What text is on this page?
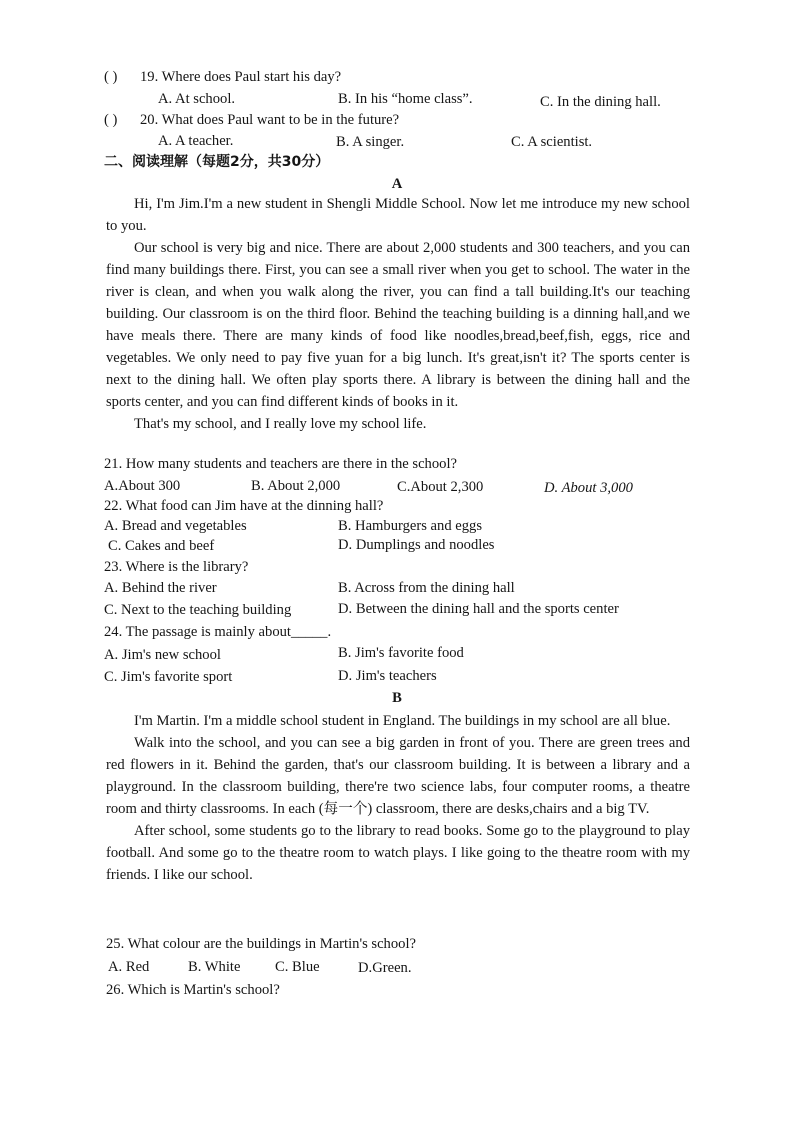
( ) 19. Where does Paul start his day?
A. At school.	B. In his “home class”.	C. In the dining hall.
( ) 20. What does Paul want to be in the future?
A. A teacher.	B. A singer.	C. A scientist.
二、阅读理解（每题2分，共30分）
A

Hi, I'm Jim.I'm a new student in Shengli Middle School. Now let me introduce my new school to you.

Our school is very big and nice. There are about 2,000 students and 300 teachers, and you can find many buildings there. First, you can see a small river when you get to school. The water in the river is clean, and when you walk along the river, you can find a tall building.It's our teaching building. Our classroom is on the third floor. Behind the teaching building is a dinning hall,and we have meals there. There are many kinds of food like noodles,bread,beef,fish, eggs, rice and vegetables. We only need to pay five yuan for a big lunch. It's great,isn't it? The sports center is next to the dining hall. We often play sports there. A library is between the dining hall and the sports center, and you can find different kinds of books in it.

That's my school, and I really love my school life.

21. How many students and teachers are there in the school?
A.About 300	B. About 2,000	C.About 2,300	D. About 3,000
22. What food can Jim have at the dinning hall?
A. Bread and vegetables	B. Hamburgers and eggs
C. Cakes and beef	D. Dumplings and noodles
23. Where is the library?
A. Behind the river	B. Across from the dining hall
C. Next to the teaching building	D. Between the dining hall and the sports center
24. The passage is mainly about_____.
A. Jim's new school	B. Jim's favorite food
C. Jim's favorite sport	D. Jim's teachers
B

I'm Martin. I'm a middle school student in England. The buildings in my school are all blue.

Walk into the school, and you can see a big garden in front of you. There are green trees and red flowers in it. Behind the garden, that's our classroom building. It is between a library and a playground. In the classroom building, there're two science labs, four computer rooms, a theatre room and thirty classrooms. In each (每一个) classroom, there are desks,chairs and a big TV.

After school, some students go to the library to read books. Some go to the playground to play football. And some go to the theatre room to watch plays. I like going to the theatre room with my friends. I like our school.

25. What colour are the buildings in Martin's school?
A. Red	B. White C. Blue	D.Green.
26. Which is Martin's school?
